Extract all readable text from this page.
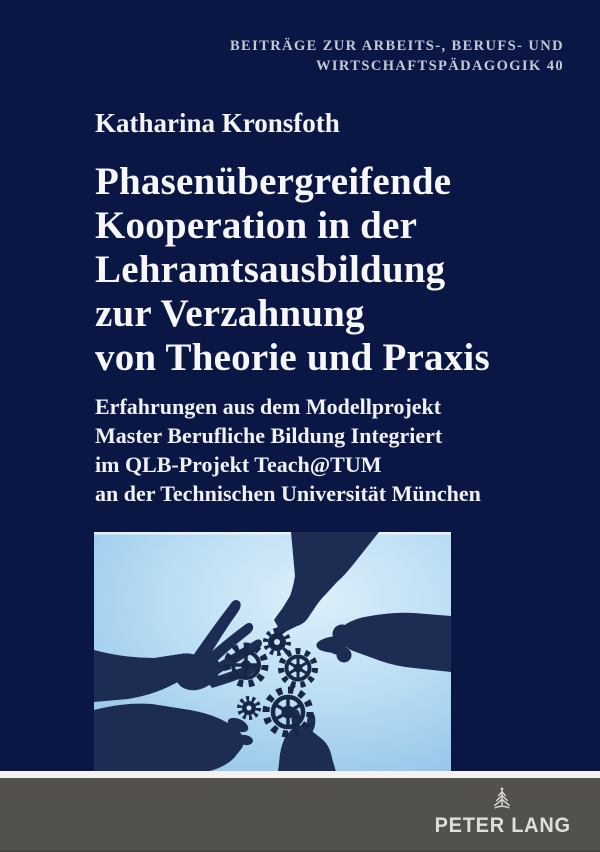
BEITRÄGE ZUR ARBEITS-, BERUFS- UND
WIRTSCHAFTSPÄDAGOGIK 40
Katharina Kronsfoth
Phasenübergreifende
Kooperation in der
Lehramtsausbildung
zur Verzahnung
von Theorie und Praxis
Erfahrungen aus dem Modellprojekt
Master Berufliche Bildung Integriert
im QLB-Projekt Teach@TUM
an der Technischen Universität München
PETER LANG
